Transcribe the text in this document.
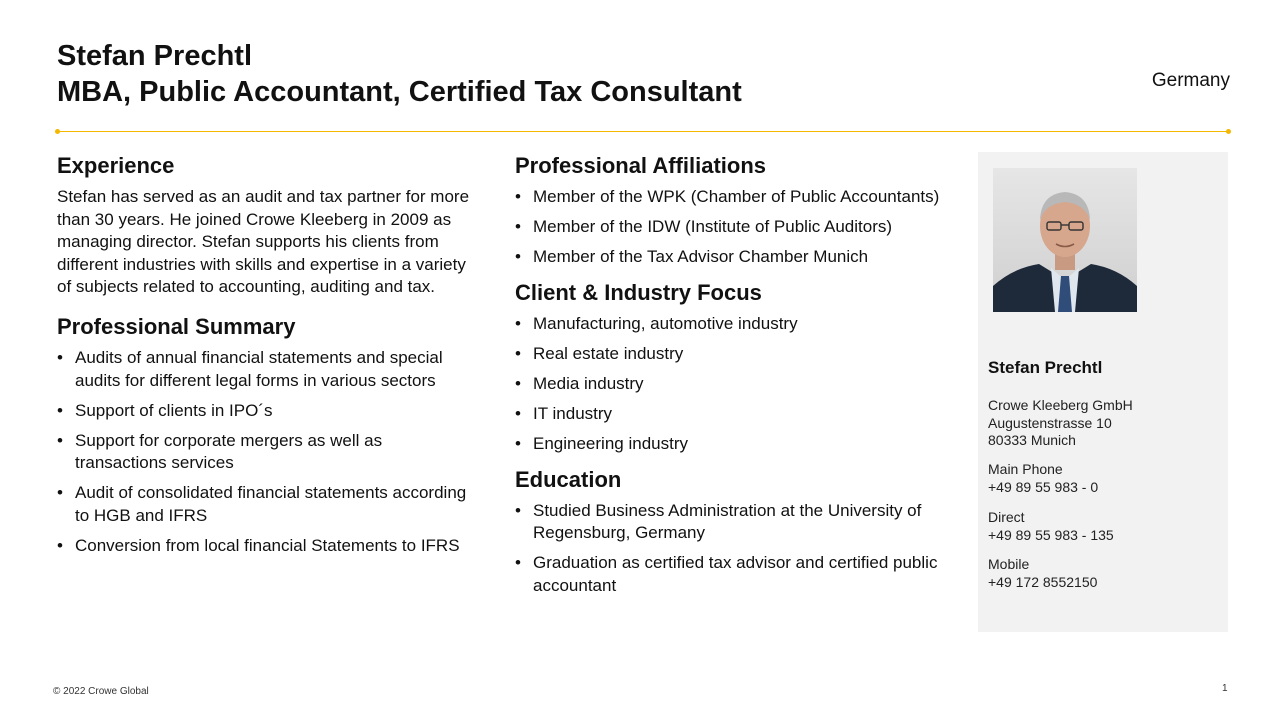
Stefan Prechtl
MBA, Public Accountant, Certified Tax Consultant	Germany
Experience

Stefan has served as an audit and tax partner for more than 30 years. He joined Crowe Kleeberg in 2009 as managing director. Stefan supports his clients from different industries with skills and expertise in a variety of subjects related to accounting, auditing and tax.

Professional Summary
• Audits of annual financial statements and special audits for different legal forms in various sectors
• Support of clients in IPO´s
• Support for corporate mergers as well as transactions services
• Audit of consolidated financial statements according to HGB and IFRS
• Conversion from local financial Statements to IFRS
Professional Affiliations
• Member of the WPK (Chamber of Public Accountants)
• Member of the IDW (Institute of Public Auditors)
• Member of the Tax Advisor Chamber Munich
Client & Industry Focus
• Manufacturing, automotive industry
• Real estate industry
• Media industry
• IT industry
• Engineering industry
Education
• Studied Business Administration at the University of Regensburg, Germany
• Graduation as certified tax advisor and certified public accountant
Stefan Prechtl
Crowe Kleeberg GmbH
Augustenstrasse 10
80333 Munich
Main Phone
+49 89 55 983 - 0
Direct
+49 89 55 983 - 135
Mobile
+49 172 8552150
© 2022 Crowe Global	1
